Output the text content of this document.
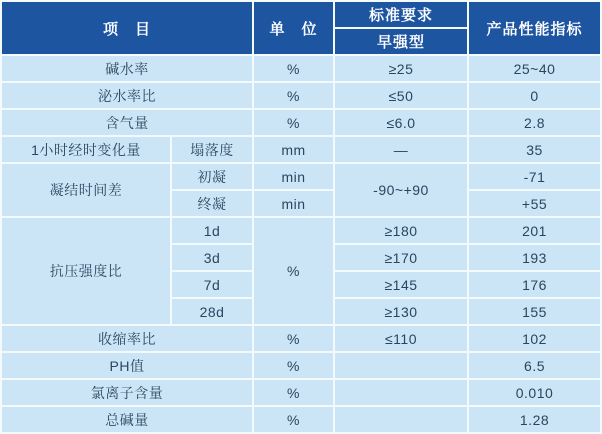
项　目		单　位	标准要求	产品性能指标
			早强型	
碱水率		%	≥25	25~40
泌水率比		%	≤50	0
含气量		%	≤6.0	2.8
1小时经时变化量	塌落度	mm	—	35
凝结时间差	初凝	min	-90~+90	-71
	终凝	min		+55
抗压强度比	1d	%	≥180	201
	3d		≥170	193
	7d		≥145	176
	28d		≥130	155
收缩率比		%	≤110	102
PH值		%		6.5
氯离子含量		%		0.010
总碱量		%		1.28
